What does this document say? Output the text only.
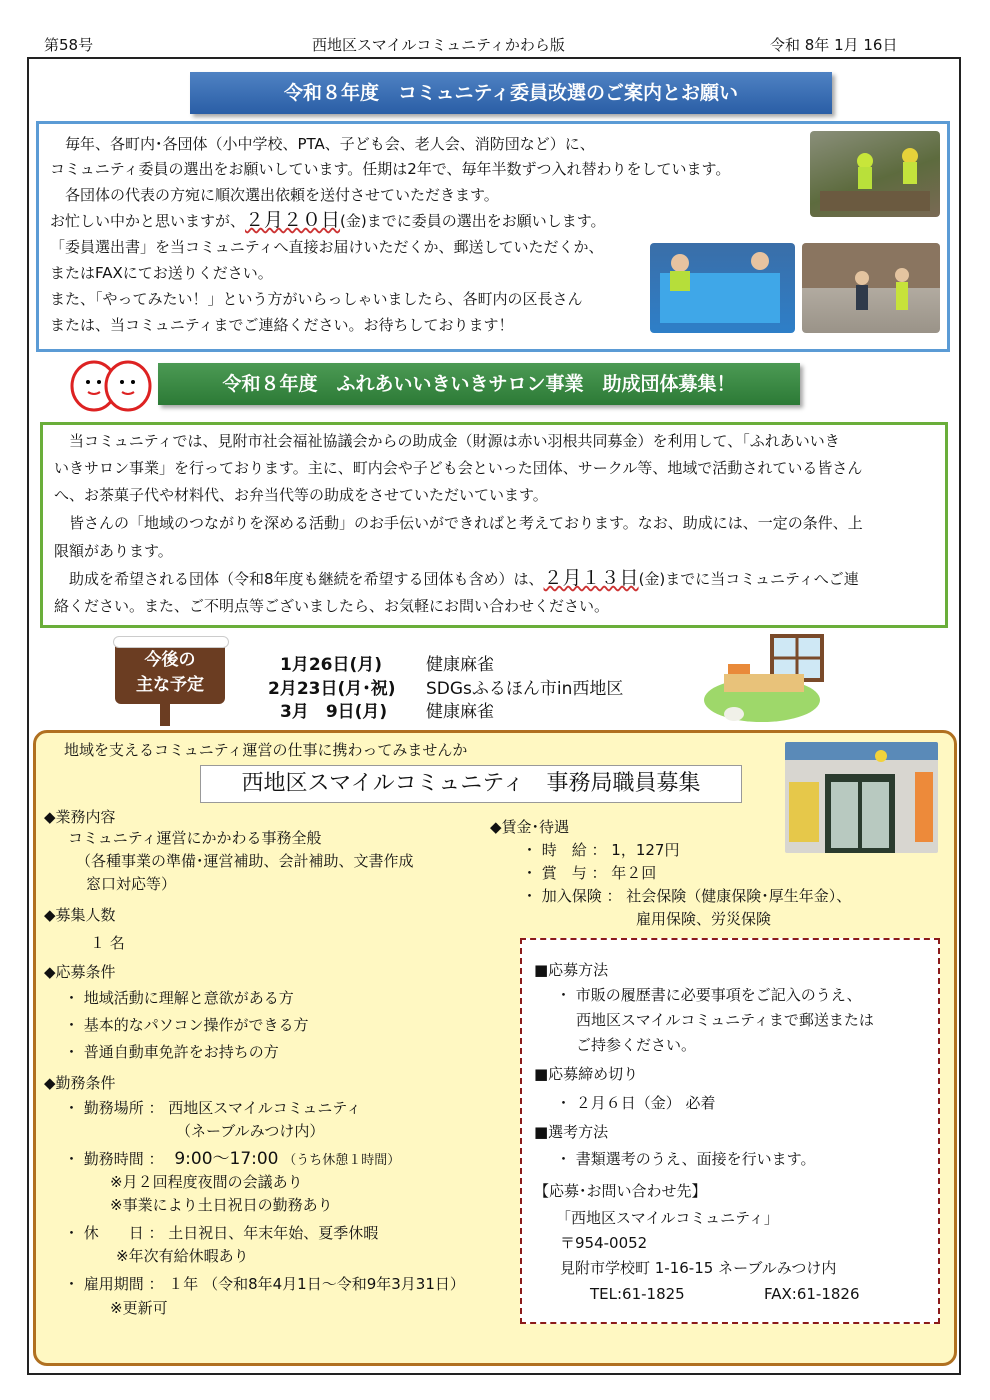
第58号	西地区スマイルコミュニティかわら版	令和 8年 1月 16日
令和８年度　コミュニティ委員改選のご案内とお願い
　毎年、各町内･各団体（小中学校、PTA、子ども会、老人会、消防団など）に、
コミュニティ委員の選出をお願いしています。任期は2年で、毎年半数ずつ入れ替わりをしています。
　各団体の代表の方宛に順次選出依頼を送付させていただきます。
お忙しい中かと思いますが、２月２０日(金)までに委員の選出をお願いします。
「委員選出書」を当コミュニティへ直接お届けいただくか、郵送していただくか、
またはFAXにてお送りください。
また、「やってみたい！」という方がいらっしゃいましたら、各町内の区長さん
または、当コミュニティまでご連絡ください。お待ちしております！
令和８年度　ふれあいいきいきサロン事業　助成団体募集！
　当コミュニティでは、見附市社会福祉協議会からの助成金（財源は赤い羽根共同募金）を利用して、「ふれあいいき
いきサロン事業」を行っております。主に、町内会や子ども会といった団体、サークル等、地域で活動されている皆さん
へ、お茶菓子代や材料代、お弁当代等の助成をさせていただいています。
　皆さんの「地域のつながりを深める活動」のお手伝いができればと考えております。なお、助成には、一定の条件、上
限額があります。
　助成を希望される団体（令和8年度も継続を希望する団体も含め）は、２月１３日(金)までに当コミュニティへご連
絡ください。また、ご不明点等ございましたら、お気軽にお問い合わせください。
今後の
主な予定
1月26日(月)	健康麻雀
2月23日(月･祝) SDGsふるほん市in西地区
3月　9日(月) 健康麻雀
地域を支えるコミュニティ運営の仕事に携わってみませんか
西地区スマイルコミュニティ　事務局職員募集
◆業務内容
コミュニティ運営にかかわる事務全般
（各種事業の準備･運営補助、会計補助、文書作成
窓口対応等）
◆募集人数
１ 名
◆応募条件
・ 地域活動に理解と意欲がある方
・ 基本的なパソコン操作ができる方
・ 普通自動車免許をお持ちの方
◆勤務条件
・ 勤務場所 ： 西地区スマイルコミュニティ
（ネーブルみつけ内）
・ 勤務時間 ： 9:00～17:00 （うち休憩１時間）
※月２回程度夜間の会議あり
※事業により土日祝日の勤務あり
・ 休　　日 ： 土日祝日、年末年始、夏季休暇
※年次有給休暇あり
・ 雇用期間 ： １年 （令和8年4月1日～令和9年3月31日）
※更新可
◆賃金･待遇
・ 時　給 ： 1，127円
・ 賞　与 ： 年２回
・ 加入保険 ： 社会保険（健康保険･厚生年金）、
雇用保険、労災保険
■応募方法
・ 市販の履歴書に必要事項をご記入のうえ、
西地区スマイルコミュニティまで郵送または
ご持参ください。
■応募締め切り
・ ２月６日（金） 必着
■選考方法
・ 書類選考のうえ、面接を行います。
【応募･お問い合わせ先】
「西地区スマイルコミュニティ」
〒954-0052
見附市学校町 1-16-15 ネーブルみつけ内
TEL:61-1825	FAX:61-1826
